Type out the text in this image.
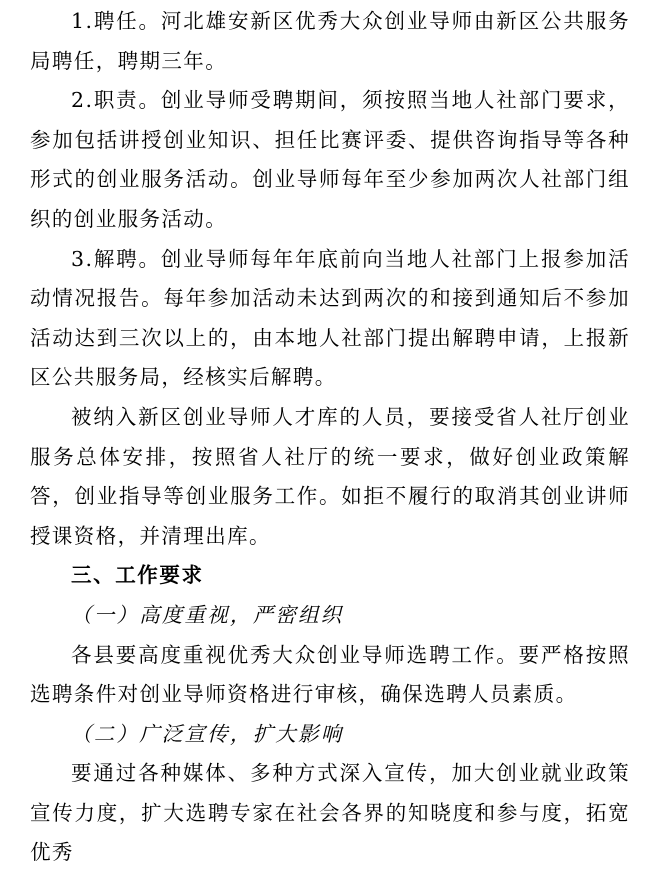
1.聘任。河北雄安新区优秀大众创业导师由新区公共服务局聘任，聘期三年。

2.职责。创业导师受聘期间，须按照当地人社部门要求，参加包括讲授创业知识、担任比赛评委、提供咨询指导等各种形式的创业服务活动。创业导师每年至少参加两次人社部门组织的创业服务活动。

3.解聘。创业导师每年年底前向当地人社部门上报参加活动情况报告。每年参加活动未达到两次的和接到通知后不参加活动达到三次以上的，由本地人社部门提出解聘申请，上报新区公共服务局，经核实后解聘。

被纳入新区创业导师人才库的人员，要接受省人社厅创业服务总体安排，按照省人社厅的统一要求，做好创业政策解答，创业指导等创业服务工作。如拒不履行的取消其创业讲师授课资格，并清理出库。

三、工作要求

（一）高度重视，严密组织

各县要高度重视优秀大众创业导师选聘工作。要严格按照选聘条件对创业导师资格进行审核，确保选聘人员素质。

（二）广泛宣传，扩大影响

要通过各种媒体、多种方式深入宣传，加大创业就业政策宣传力度，扩大选聘专家在社会各界的知晓度和参与度，拓宽优秀
